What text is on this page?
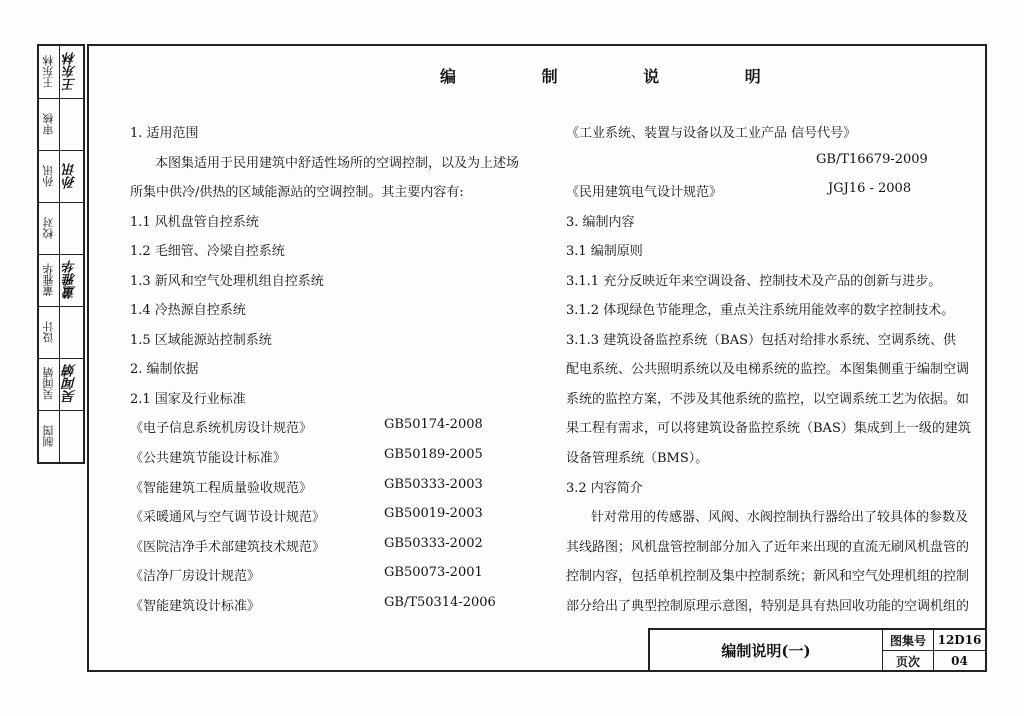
王东林 王东林
审核
孙讯 孙讯
校对
董雅华 董雅华
设计
吴闻婧 吴闻婧
制图
编 制 说 明
1. 适用范围
本图集适用于民用建筑中舒适性场所的空调控制，以及为上述场
所集中供冷/供热的区域能源站的空调控制。其主要内容有:
1.1 风机盘管自控系统
1.2 毛细管、冷梁自控系统
1.3 新风和空气处理机组自控系统
1.4 冷热源自控系统
1.5 区域能源站控制系统
2. 编制依据
2.1 国家及行业标准
《电子信息系统机房设计规范》	GB50174-2008
《公共建筑节能设计标准》	GB50189-2005
《智能建筑工程质量验收规范》	GB50333-2003
《采暖通风与空气调节设计规范》	GB50019-2003
《医院洁净手术部建筑技术规范》	GB50333-2002
《洁净厂房设计规范》	GB50073-2001
《智能建筑设计标准》	GB/T50314-2006
《工业系统、装置与设备以及工业产品 信号代号》
GB/T16679-2009
《民用建筑电气设计规范》	JGJ16 - 2008
3. 编制内容
3.1 编制原则
3.1.1 充分反映近年来空调设备、控制技术及产品的创新与进步。
3.1.2 体现绿色节能理念，重点关注系统用能效率的数字控制技术。
3.1.3 建筑设备监控系统（BAS）包括对给排水系统、空调系统、供
配电系统、公共照明系统以及电梯系统的监控。本图集侧重于编制空调
系统的监控方案，不涉及其他系统的监控，以空调系统工艺为依据。如
果工程有需求，可以将建筑设备监控系统（BAS）集成到上一级的建筑
设备管理系统（BMS）。
3.2 内容简介
针对常用的传感器、风阀、水阀控制执行器给出了较具体的参数及
其线路图；风机盘管控制部分加入了近年来出现的直流无刷风机盘管的
控制内容，包括单机控制及集中控制系统；新风和空气处理机组的控制
部分给出了典型控制原理示意图，特别是具有热回收功能的空调机组的
编制说明(一)
图集号 12D16
页次	04
